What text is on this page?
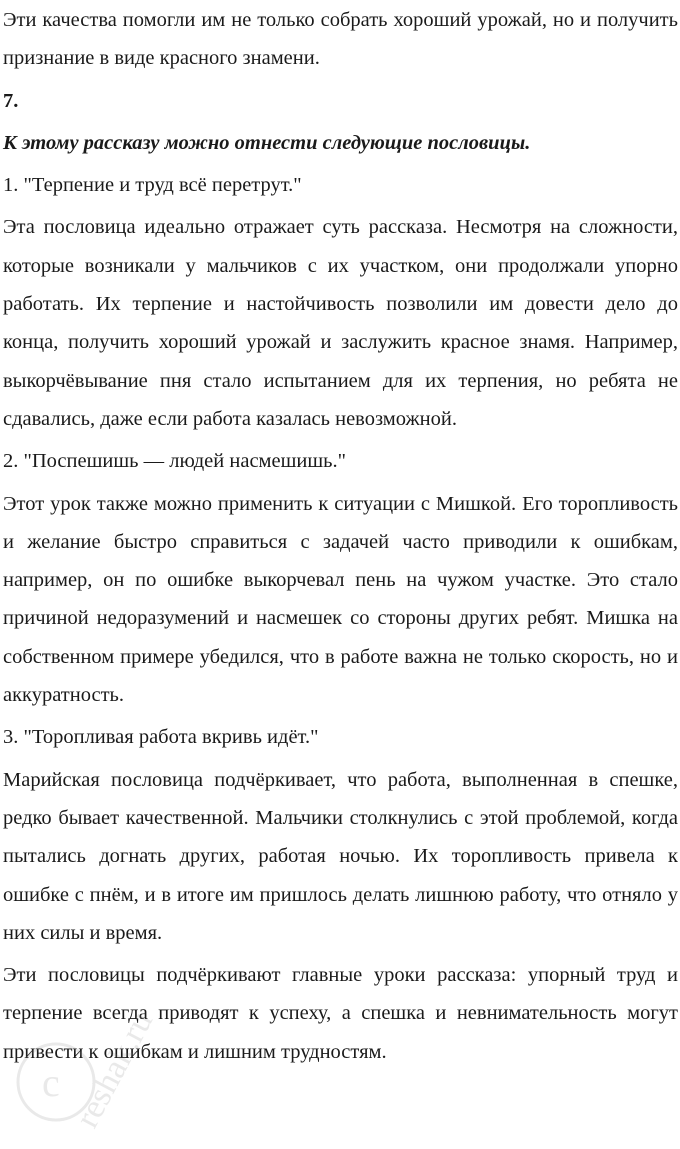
Эти качества помогли им не только собрать хороший урожай, но и получить признание в виде красного знамени.

7.

К этому рассказу можно отнести следующие пословицы.

1. "Терпение и труд всё перетрут."

Эта пословица идеально отражает суть рассказа. Несмотря на сложности, которые возникали у мальчиков с их участком, они продолжали упорно работать. Их терпение и настойчивость позволили им довести дело до конца, получить хороший урожай и заслужить красное знамя. Например, выкорчёвывание пня стало испытанием для их терпения, но ребята не сдавались, даже если работа казалась невозможной.

2. "Поспешишь — людей насмешишь."

Этот урок также можно применить к ситуации с Мишкой. Его торопливость и желание быстро справиться с задачей часто приводили к ошибкам, например, он по ошибке выкорчевал пень на чужом участке. Это стало причиной недоразумений и насмешек со стороны других ребят. Мишка на собственном примере убедился, что в работе важна не только скорость, но и аккуратность.

3. "Торопливая работа вкривь идёт."

Марийская пословица подчёркивает, что работа, выполненная в спешке, редко бывает качественной. Мальчики столкнулись с этой проблемой, когда пытались догнать других, работая ночью. Их торопливость привела к ошибке с пнём, и в итоге им пришлось делать лишнюю работу, что отняло у них силы и время.

Эти пословицы подчёркивают главные уроки рассказа: упорный труд и терпение всегда приводят к успеху, а спешка и невнимательность могут привести к ошибкам и лишним трудностям.

c reshak.ru
